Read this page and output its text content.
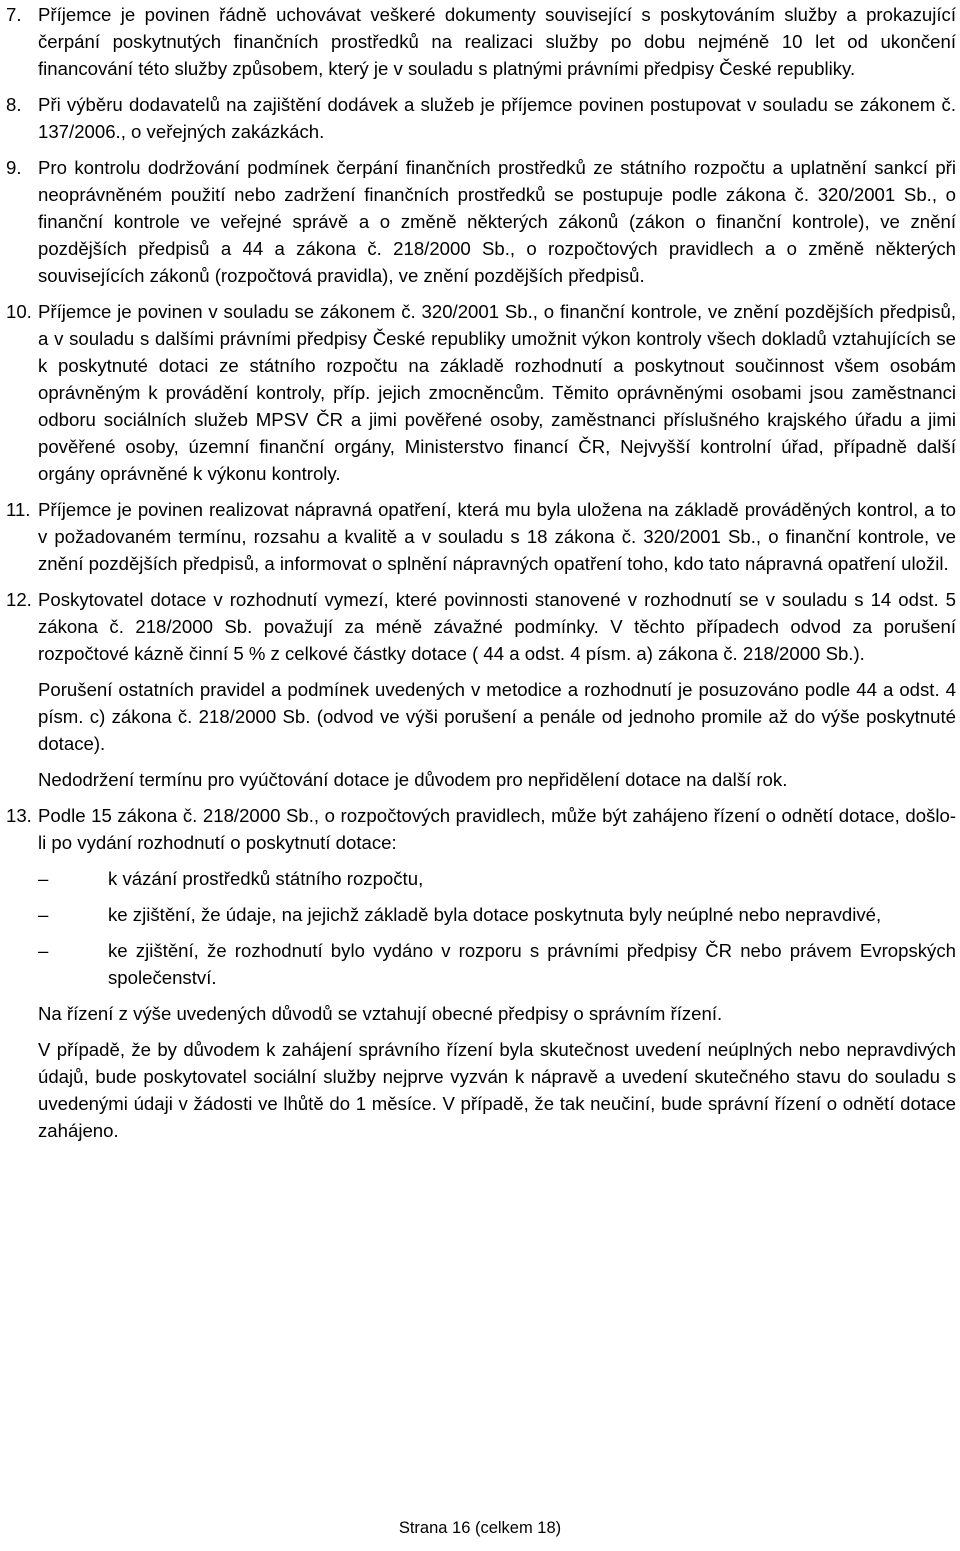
7. Příjemce je povinen řádně uchovávat veškeré dokumenty související s poskytováním služby a prokazující čerpání poskytnutých finančních prostředků na realizaci služby po dobu nejméně 10 let od ukončení financování této služby způsobem, který je v souladu s platnými právními předpisy České republiky.
8. Při výběru dodavatelů na zajištění dodávek a služeb je příjemce povinen postupovat v souladu se zákonem č. 137/2006., o veřejných zakázkách.
9. Pro kontrolu dodržování podmínek čerpání finančních prostředků ze státního rozpočtu a uplatnění sankcí při neoprávněném použití nebo zadržení finančních prostředků se postupuje podle zákona č. 320/2001 Sb., o finanční kontrole ve veřejné správě a o změně některých zákonů (zákon o finanční kontrole), ve znění pozdějších předpisů a 44 a zákona č. 218/2000 Sb., o rozpočtových pravidlech a o změně některých souvisejících zákonů (rozpočtová pravidla), ve znění pozdějších předpisů.
10. Příjemce je povinen v souladu se zákonem č. 320/2001 Sb., o finanční kontrole, ve znění pozdějších předpisů, a v souladu s dalšími právními předpisy České republiky umožnit výkon kontroly všech dokladů vztahujících se k poskytnuté dotaci ze státního rozpočtu na základě rozhodnutí a poskytnout součinnost všem osobám oprávněným k provádění kontroly, příp. jejich zmocněncům. Těmito oprávněnými osobami jsou zaměstnanci odboru sociálních služeb MPSV ČR a jimi pověřené osoby, zaměstnanci příslušného krajského úřadu a jimi pověřené osoby, územní finanční orgány, Ministerstvo financí ČR, Nejvyšší kontrolní úřad, případně další orgány oprávněné k výkonu kontroly.
11. Příjemce je povinen realizovat nápravná opatření, která mu byla uložena na základě prováděných kontrol, a to v požadovaném termínu, rozsahu a kvalitě a v souladu s 18 zákona č. 320/2001 Sb., o finanční kontrole, ve znění pozdějších předpisů, a informovat o splnění nápravných opatření toho, kdo tato nápravná opatření uložil.
12. Poskytovatel dotace v rozhodnutí vymezí, které povinnosti stanovené v rozhodnutí se v souladu s 14 odst. 5 zákona č. 218/2000 Sb. považují za méně závažné podmínky. V těchto případech odvod za porušení rozpočtové kázně činní 5 % z celkové částky dotace ( 44 a odst. 4 písm. a) zákona č. 218/2000 Sb.).
Porušení ostatních pravidel a podmínek uvedených v metodice a rozhodnutí je posuzováno podle 44 a odst. 4 písm. c) zákona č. 218/2000 Sb. (odvod ve výši porušení a penále od jednoho promile až do výše poskytnuté dotace).
Nedodržení termínu pro vyúčtování dotace je důvodem pro nepřidělení dotace na další rok.
13. Podle 15 zákona č. 218/2000 Sb., o rozpočtových pravidlech, může být zahájeno řízení o odnětí dotace, došlo-li po vydání rozhodnutí o poskytnutí dotace:
–	k vázání prostředků státního rozpočtu,
–	ke zjištění, že údaje, na jejichž základě byla dotace poskytnuta byly neúplné nebo nepravdivé,
–	ke zjištění, že rozhodnutí bylo vydáno v rozporu s právními předpisy ČR nebo právem Evropských společenství.
Na řízení z výše uvedených důvodů se vztahují obecné předpisy o správním řízení.
V případě, že by důvodem k zahájení správního řízení byla skutečnost uvedení neúplných nebo nepravdivých údajů, bude poskytovatel sociální služby nejprve vyzván k nápravě a uvedení skutečného stavu do souladu s uvedenými údaji v žádosti ve lhůtě do 1 měsíce. V případě, že tak neučiní, bude správní řízení o odnětí dotace zahájeno.
Strana 16 (celkem 18)
